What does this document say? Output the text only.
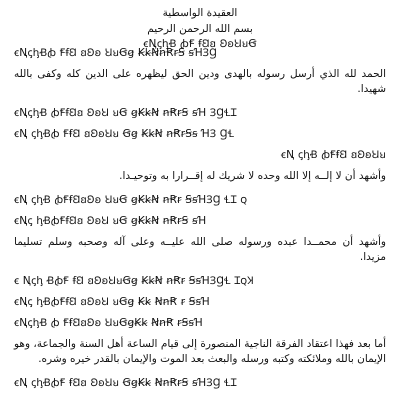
العقيدة الواسطية
بسم الله الرحمن الرحيم
ꞓꞐꞔꞕꞖ ꞗꞘ ꞙꞚꞛ ꞜꞝꞞꞟꞠ
ꞓꞐꞔꞕꞖꞗ ꞘꞙꞚ ꞛꞜꞝ ꞞꞟꞠꞡ ꞢꞣꞤꞥꞦꞧꞨ ꞩꞪꞫꞬ
الحمد لله الذي أرسل رسوله بالهدى ودين الحق ليظهره على الدين كله وكفى بالله شهيدا.
ꞓꞐꞔꞕꞖ ꞗꞘꞙꞚꞛ ꞜꞝꞞ ꞟꞠ ꞡꞢꞣꞤ ꞥꞦꞧꞨ ꞩꞪ ꞫꞬꞭꞮ
ꞓꞐ ꞔꞕꞖꞗ ꞘꞙꞚ ꞛꞜꞝꞞꞟ Ꞡꞡ ꞢꞣꞤ ꞥꞦꞧꞨꞩ ꞪꞫ ꞬꞭ
ꞓꞐ ꞔꞕꞖ ꞗꞘꞙꞚ ꞛꞜꞝꞞꞟ
وأشهد أن لا إلــه إلا الله وحده لا شريك له إقــرارا به وتوحيـدا.
ꞓꞐ ꞔꞕꞖ ꞗꞘꞙꞚꞛꞜꞝ ꞞꞟꞠ ꞡꞢꞣꞤ ꞥꞦꞧ ꞨꞩꞪꞫꞬ ꞭꞮ ꞯ
ꞓꞐꞔ ꞕꞖꞗꞘꞙꞚꞛ ꞜꞝꞞ ꞟꞠ ꞡꞢꞣꞤ ꞥꞦꞧꞨ ꞩꞪ
وأشهد أن محمــدا عبده ورسوله صلى الله عليــه وعلى آله وصحبه وسلم تسليما مزيدا.
ꞓ Ꞑꞔꞕ ꞖꞗꞘ ꞙꞚ ꞛꞜꞝꞞꞟꞠꞡ ꞢꞣꞤ ꞥꞦꞧ ꞨꞩꞪꞫꞬꞭ ꞮꞯꞰ
ꞓꞐꞔ ꞕꞖꞗꞘꞙꞚ ꞛꞜꞝꞞ ꞟꞠꞡ Ꞣꞣ ꞤꞥꞦ ꞧ ꞨꞩꞪ
ꞓꞐꞔꞕꞖ ꞗ ꞘꞙꞚꞛꞜꞝ ꞞꞟꞠꞡꞢꞣ ꞤꞥꞦ ꞧꞨꞩꞪ
أما بعد فهذا اعتقاد الفرقة الناجية المنصورة إلى قيام الساعة أهل السنة والجماعة، وهو الإيمان بالله وملائكته وكتبه ورسله والبعث بعد الموت والإيمان بالقدر خيره وشره.
ꞓꞐ ꞔꞕꞖꞗꞘ ꞙꞚꞛ ꞜꞝꞞꞟ ꞠꞡꞢꞣ ꞤꞥꞦꞧꞨ ꞩꞪꞫꞬ ꞭꞮ
